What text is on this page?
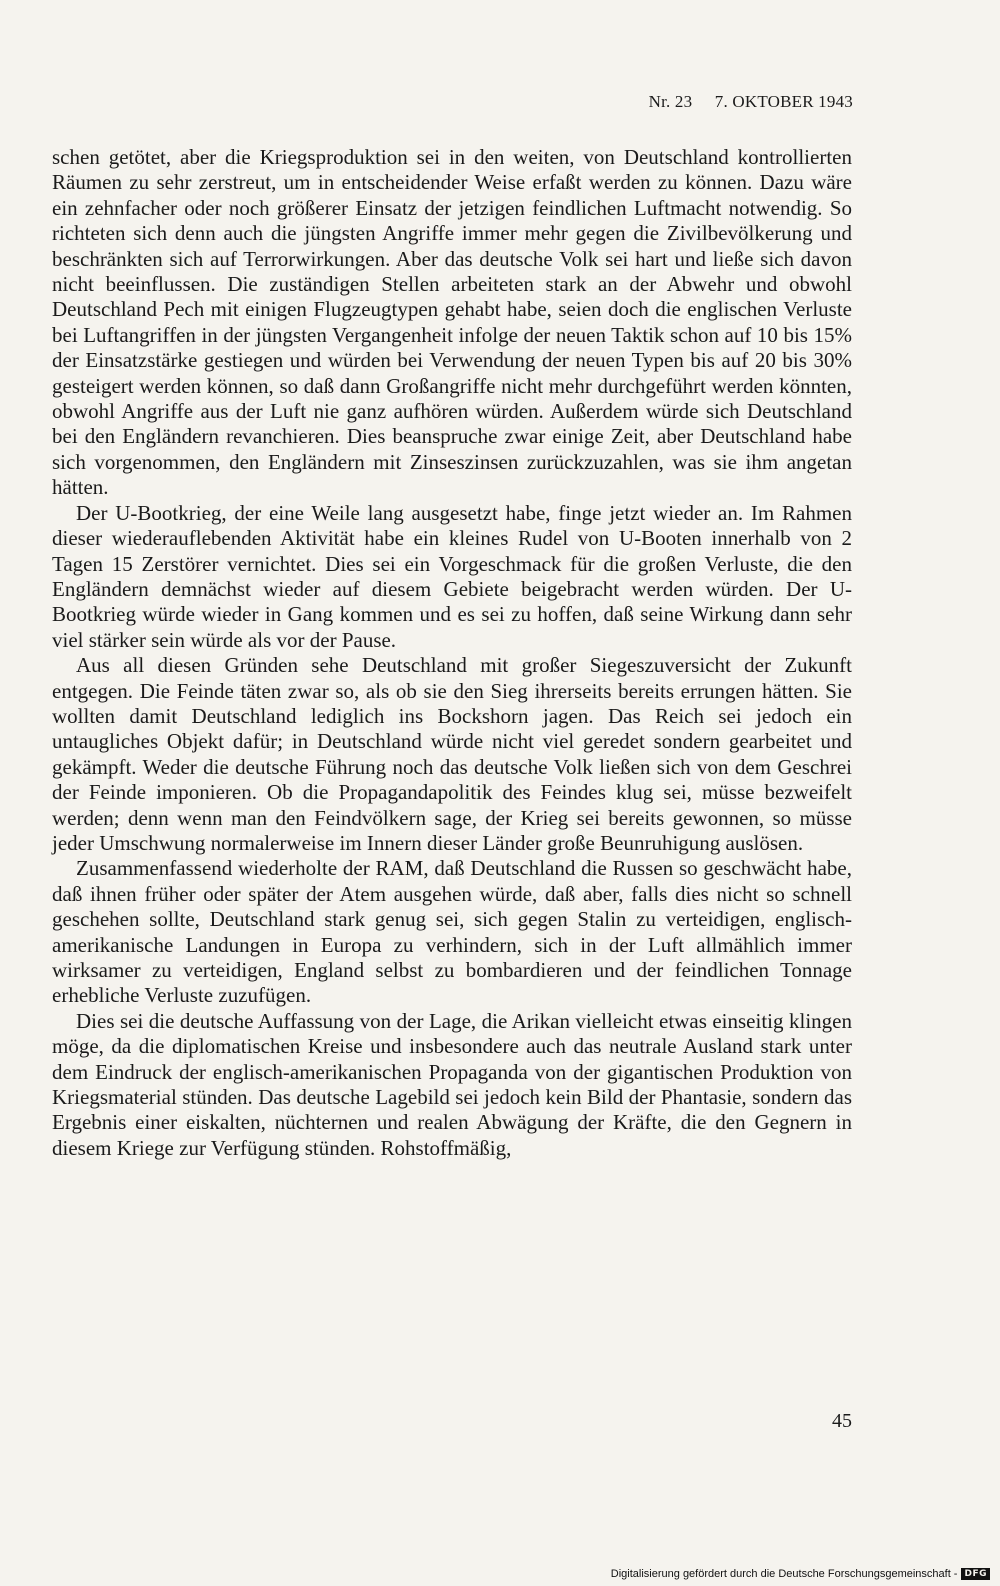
Nr. 23 7. OKTOBER 1943

schen getötet, aber die Kriegsproduktion sei in den weiten, von Deutschland kontrollierten Räumen zu sehr zerstreut, um in entscheidender Weise erfaßt werden zu können. Dazu wäre ein zehnfacher oder noch größerer Einsatz der jetzigen feindlichen Luftmacht notwendig. So richteten sich denn auch die jüngsten Angriffe immer mehr gegen die Zivilbevölkerung und beschränkten sich auf Terrorwirkungen. Aber das deutsche Volk sei hart und ließe sich davon nicht beeinflussen. Die zuständigen Stellen arbeiteten stark an der Abwehr und obwohl Deutschland Pech mit einigen Flugzeugtypen gehabt habe, seien doch die englischen Verluste bei Luftangriffen in der jüngsten Vergangenheit infolge der neuen Taktik schon auf 10 bis 15% der Einsatzstärke gestiegen und würden bei Verwendung der neuen Typen bis auf 20 bis 30% gesteigert werden können, so daß dann Großangriffe nicht mehr durchgeführt werden könnten, obwohl Angriffe aus der Luft nie ganz aufhören würden. Außerdem würde sich Deutschland bei den Engländern revanchieren. Dies beanspruche zwar einige Zeit, aber Deutschland habe sich vorgenommen, den Engländern mit Zinseszinsen zurückzuzahlen, was sie ihm angetan hätten.

Der U-Bootkrieg, der eine Weile lang ausgesetzt habe, finge jetzt wieder an. Im Rahmen dieser wiederauflebenden Aktivität habe ein kleines Rudel von U-Booten innerhalb von 2 Tagen 15 Zerstörer vernichtet. Dies sei ein Vorgeschmack für die großen Verluste, die den Engländern demnächst wieder auf diesem Gebiete beigebracht werden würden. Der U-Bootkrieg würde wieder in Gang kommen und es sei zu hoffen, daß seine Wirkung dann sehr viel stärker sein würde als vor der Pause.

Aus all diesen Gründen sehe Deutschland mit großer Siegeszuversicht der Zukunft entgegen. Die Feinde täten zwar so, als ob sie den Sieg ihrerseits bereits errungen hätten. Sie wollten damit Deutschland lediglich ins Bockshorn jagen. Das Reich sei jedoch ein untaugliches Objekt dafür; in Deutschland würde nicht viel geredet sondern gearbeitet und gekämpft. Weder die deutsche Führung noch das deutsche Volk ließen sich von dem Geschrei der Feinde imponieren. Ob die Propagandapolitik des Feindes klug sei, müsse bezweifelt werden; denn wenn man den Feindvölkern sage, der Krieg sei bereits gewonnen, so müsse jeder Umschwung normalerweise im Innern dieser Länder große Beunruhigung auslösen.

Zusammenfassend wiederholte der RAM, daß Deutschland die Russen so geschwächt habe, daß ihnen früher oder später der Atem ausgehen würde, daß aber, falls dies nicht so schnell geschehen sollte, Deutschland stark genug sei, sich gegen Stalin zu verteidigen, englisch-amerikanische Landungen in Europa zu verhindern, sich in der Luft allmählich immer wirksamer zu verteidigen, England selbst zu bombardieren und der feindlichen Tonnage erhebliche Verluste zuzufügen.

Dies sei die deutsche Auffassung von der Lage, die Arikan vielleicht etwas einseitig klingen möge, da die diplomatischen Kreise und insbesondere auch das neutrale Ausland stark unter dem Eindruck der englisch-amerikanischen Propaganda von der gigantischen Produktion von Kriegsmaterial stünden. Das deutsche Lagebild sei jedoch kein Bild der Phantasie, sondern das Ergebnis einer eiskalten, nüchternen und realen Abwägung der Kräfte, die den Gegnern in diesem Kriege zur Verfügung stünden. Rohstoffmäßig,

45
Digitalisierung gefördert durch die Deutsche Forschungsgemeinschaft - DFG
